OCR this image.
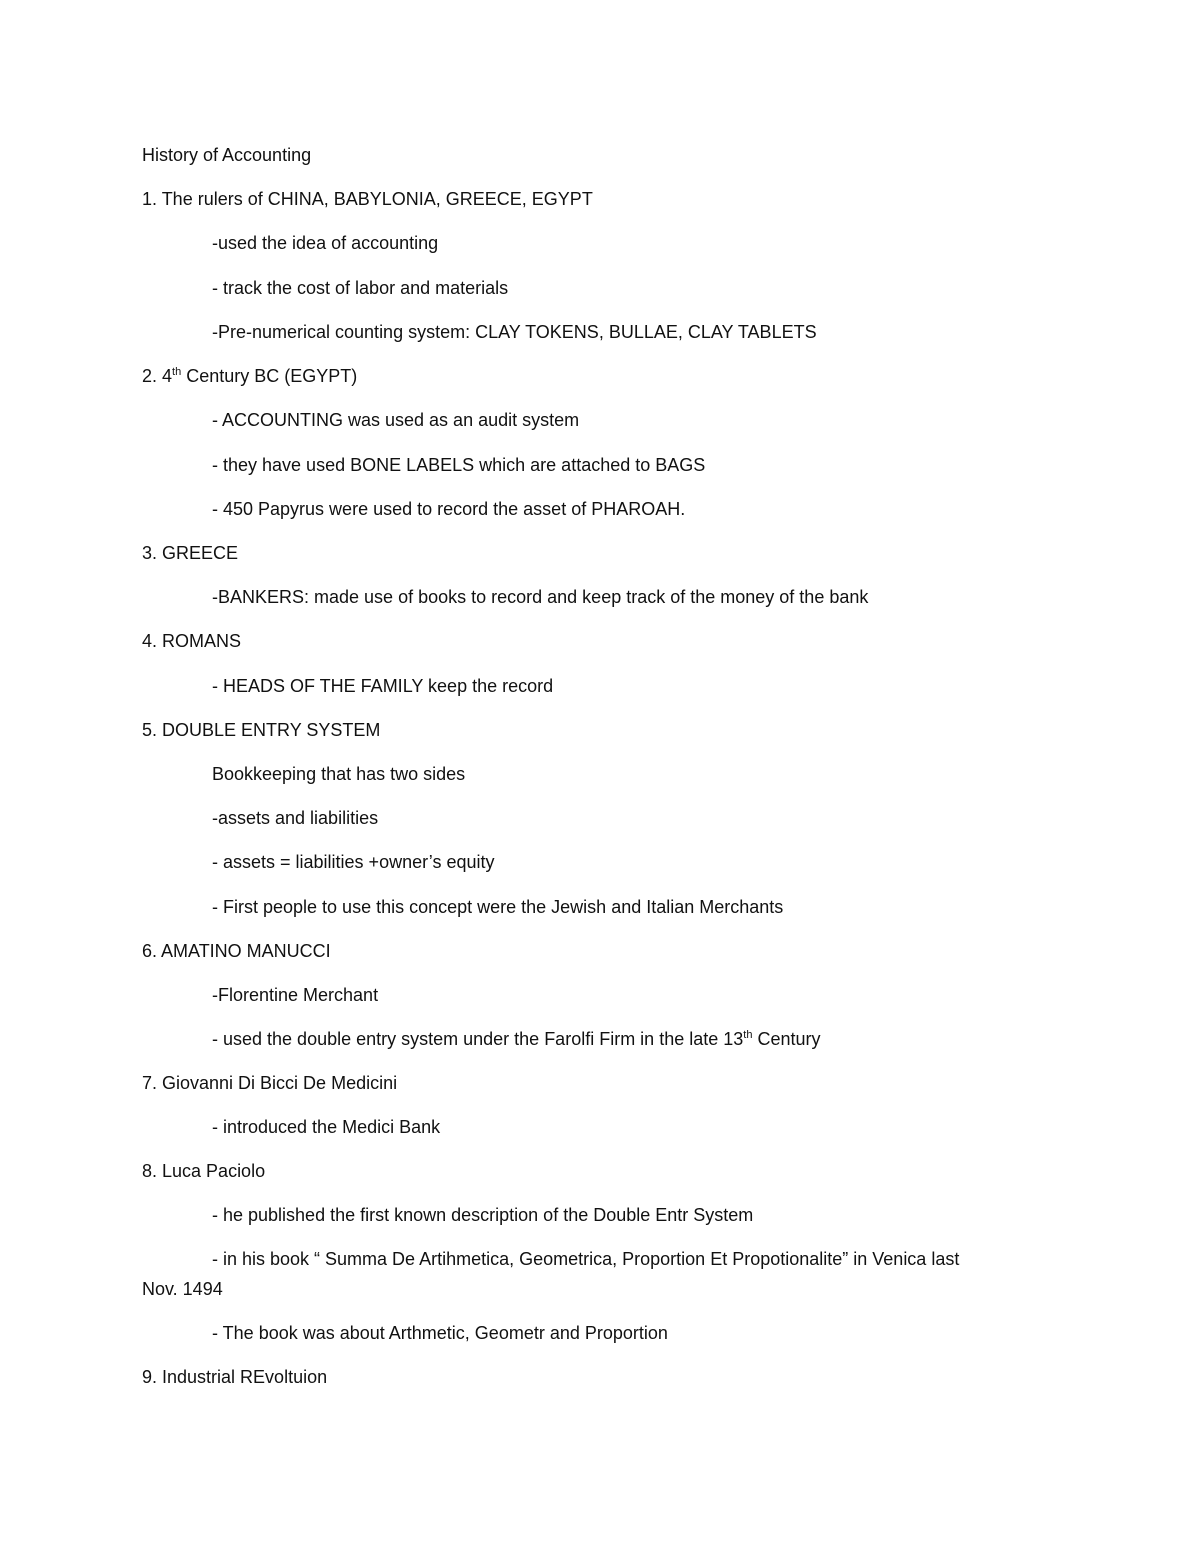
History of Accounting
1. The rulers of CHINA, BABYLONIA, GREECE, EGYPT
-used the idea of accounting
- track the cost of labor and materials
-Pre-numerical counting system: CLAY TOKENS, BULLAE, CLAY TABLETS
2. 4th Century BC (EGYPT)
- ACCOUNTING was used as an audit system
- they have used BONE LABELS which are attached to BAGS
- 450 Papyrus were used to record the asset of PHAROAH.
3. GREECE
-BANKERS: made use of books to record and keep track of the money of the bank
4. ROMANS
- HEADS OF THE FAMILY keep the record
5. DOUBLE ENTRY SYSTEM
Bookkeeping that has two sides
-assets and liabilities
- assets = liabilities +owner’s equity
- First people to use this concept were the Jewish and Italian Merchants
6. AMATINO MANUCCI
-Florentine Merchant
- used the double entry system under the Farolfi Firm in the late 13th Century
7. Giovanni Di Bicci De Medicini
- introduced the Medici Bank
8. Luca Paciolo
- he published the first known description of the Double Entr System
- in his book “ Summa De Artihmetica, Geometrica, Proportion Et Propotionalite” in Venica last
Nov. 1494
- The book was about Arthmetic, Geometr and Proportion
9. Industrial REvoltuion
